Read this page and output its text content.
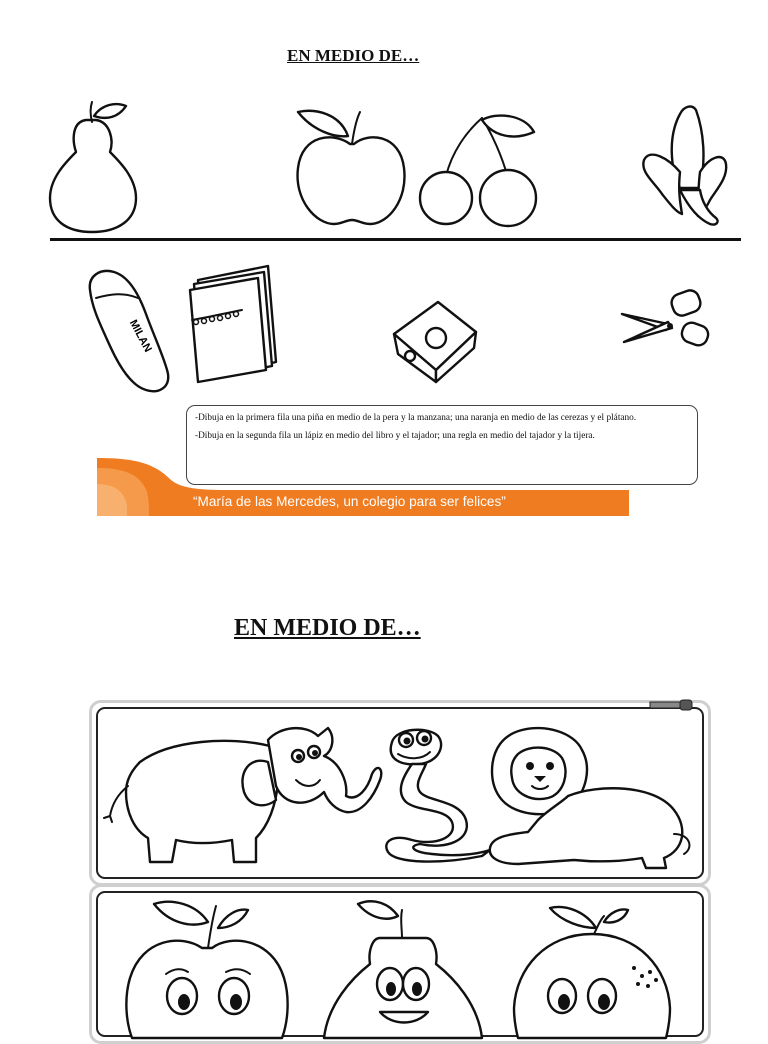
EN MEDIO DE…
MILAN

-Dibuja en la primera fila una piña en medio de la pera y la manzana; una naranja en medio de las cerezas y el plátano.

-Dibuja en la segunda fila un lápiz en medio del libro y el tajador; una regla en medio del tajador y la tijera.

“María de las Mercedes, un colegio para ser felices”
EN MEDIO DE…
